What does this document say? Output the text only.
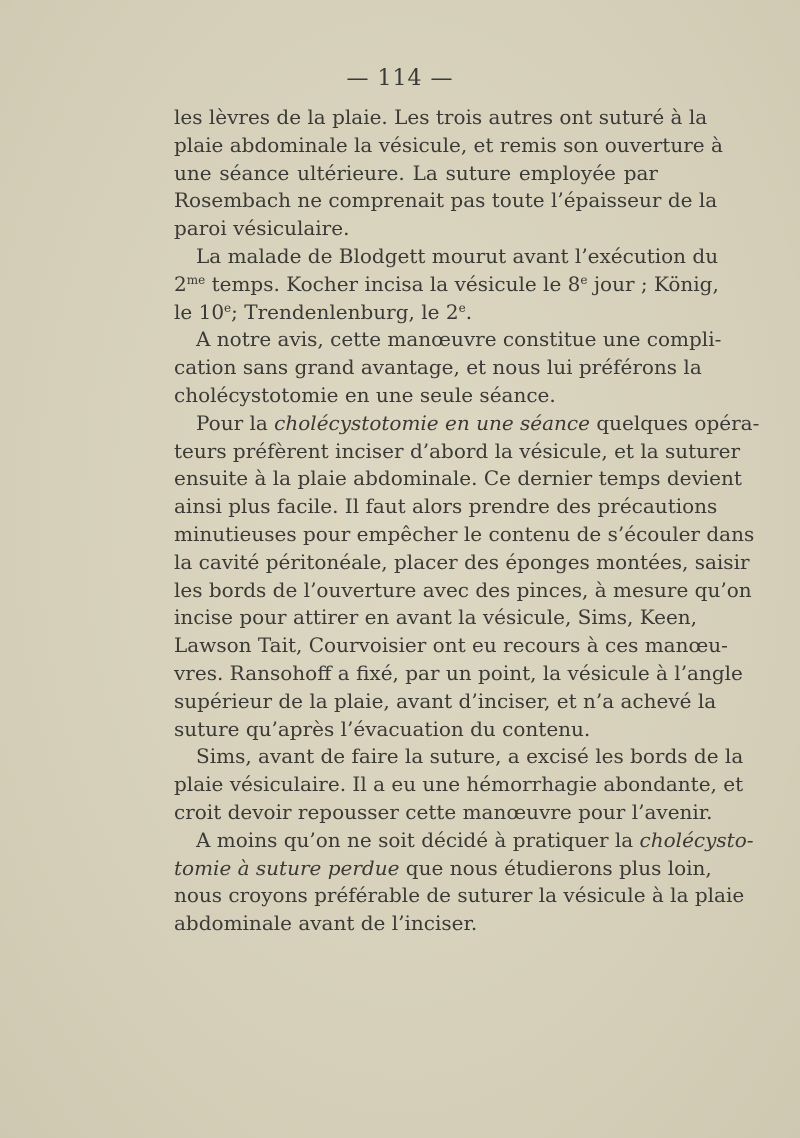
— 114 —
les lèvres de la plaie. Les trois autres ont suturé à la
plaie abdominale la vésicule, et remis son ouverture à
une séance ultérieure. La suture employée par
Rosembach ne comprenait pas toute l’épaisseur de la
paroi vésiculaire.
La malade de Blodgett mourut avant l’exécution du
$2^{me}$ temps. Kocher incisa la vésicule le 8e jour ; König,
le 10e; Trendenlenburg, le 2e.
A notre avis, cette manœuvre constitue une compli-
cation sans grand avantage, et nous lui préférons la
cholécystotomie en une seule séance.
Pour la cholécystotomie en une séance quelques opéra-
teurs préfèrent inciser d’abord la vésicule, et la suturer
ensuite à la plaie abdominale. Ce dernier temps devient
ainsi plus facile. Il faut alors prendre des précautions
minutieuses pour empêcher le contenu de s’écouler dans
la cavité péritonéale, placer des éponges montées, saisir
les bords de l’ouverture avec des pinces, à mesure qu’on
incise pour attirer en avant la vésicule, Sims, Keen,
Lawson Tait, Courvoisier ont eu recours à ces manœu-
vres. Ransohoff a fixé, par un point, la vésicule à l’angle
supérieur de la plaie, avant d’inciser, et n’a achevé la
suture qu’après l’évacuation du contenu.
Sims, avant de faire la suture, a excisé les bords de la
plaie vésiculaire. Il a eu une hémorrhagie abondante, et
croit devoir repousser cette manœuvre pour l’avenir.
A moins qu’on ne soit décidé à pratiquer la cholécysto-
tomie à suture perdue que nous étudierons plus loin,
nous croyons préférable de suturer la vésicule à la plaie
abdominale avant de l’inciser.
